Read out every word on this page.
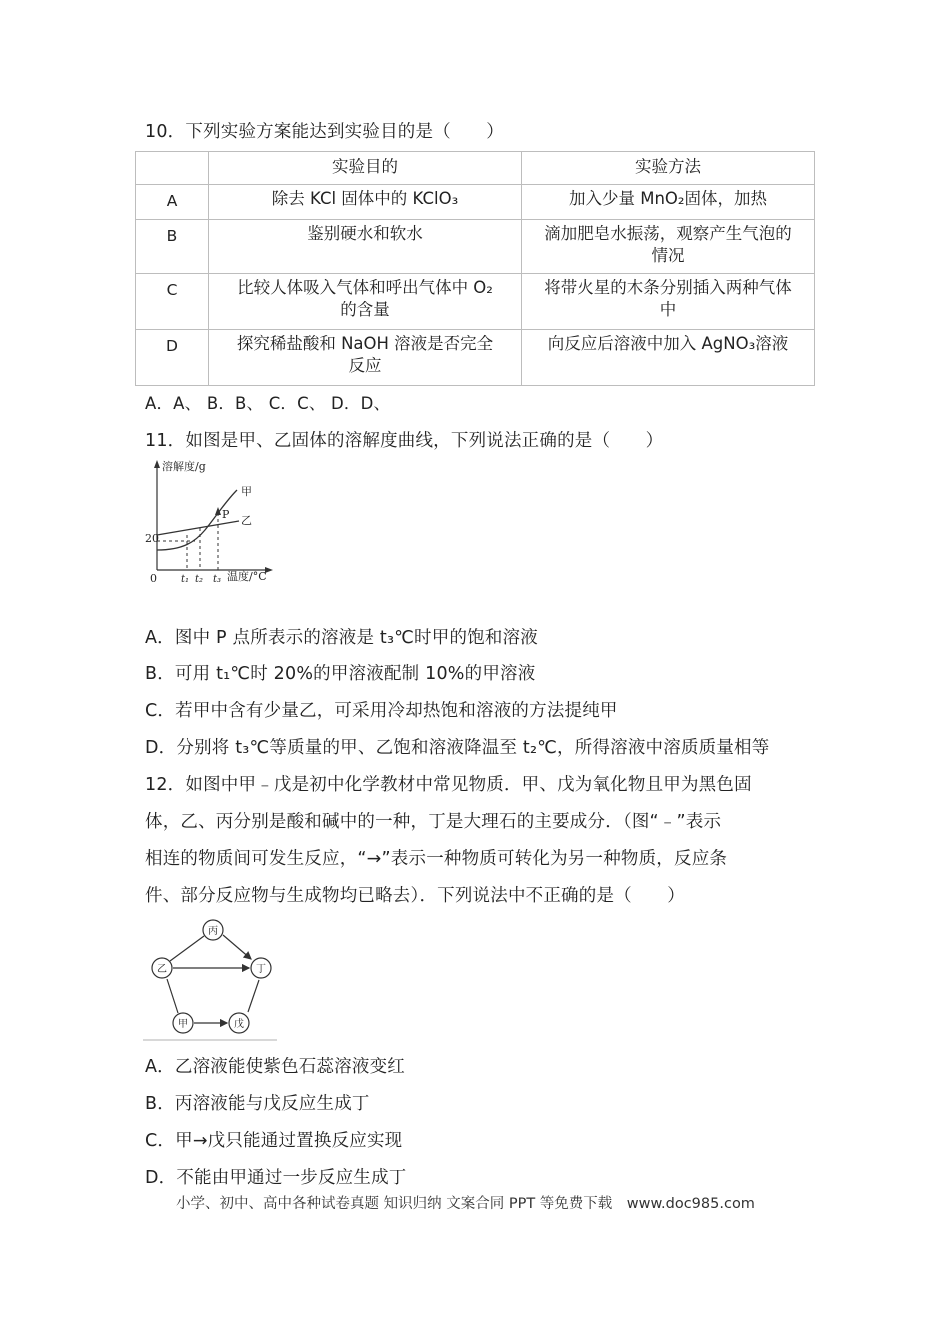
10．下列实验方案能达到实验目的是（　　）
	实验目的	实验方法
A	除去 KCl 固体中的 KClO₃	加入少量 MnO₂固体，加热
B	鉴别硬水和软水	滴加肥皂水振荡，观察产生气泡的情况
C	比较人体吸入气体和呼出气体中 O₂的含量	将带火星的木条分别插入两种气体中
D	探究稀盐酸和 NaOH 溶液是否完全反应	向反应后溶液中加入 AgNO₃溶液
A．A、 B．B、 C．C、 D．D、
11．如图是甲、乙固体的溶解度曲线，下列说法正确的是（　　）
溶解度/g
20
0 t₁ t₂ t₃ 温度/°C
甲
乙
P
A．图中 P 点所表示的溶液是 t₃℃时甲的饱和溶液
B．可用 t₁℃时 20%的甲溶液配制 10%的甲溶液
C．若甲中含有少量乙，可采用冷却热饱和溶液的方法提纯甲
D．分别将 t₃℃等质量的甲、乙饱和溶液降温至 t₂℃，所得溶液中溶质质量相等
12．如图中甲﹣戊是初中化学教材中常见物质．甲、戊为氧化物且甲为黑色固
体，乙、丙分别是酸和碱中的一种，丁是大理石的主要成分．（图“﹣”表示
相连的物质间可发生反应，“→”表示一种物质可转化为另一种物质，反应条
件、部分反应物与生成物均已略去）．下列说法中不正确的是（　　）
丙
乙	丁
甲	戊
A．乙溶液能使紫色石蕊溶液变红
B．丙溶液能与戊反应生成丁
C．甲→戊只能通过置换反应实现
D．不能由甲通过一步反应生成丁
小学、初中、高中各种试卷真题 知识归纳 文案合同 PPT 等免费下载　www.doc985.com
